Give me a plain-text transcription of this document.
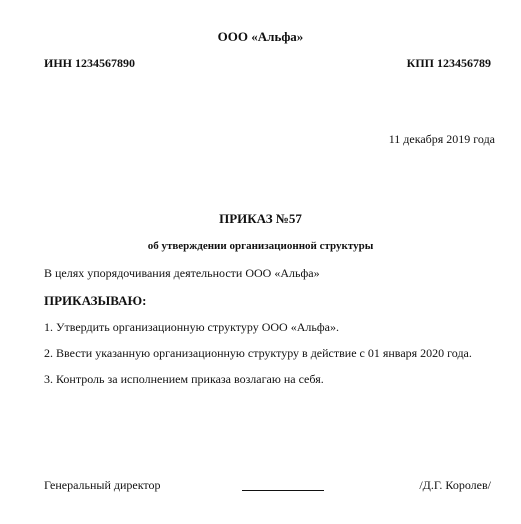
ООО «Альфа»
ИНН 1234567890	КПП 123456789
11 декабря 2019 года
ПРИКАЗ №57
об утверждении организационной структуры
В целях упорядочивания деятельности ООО «Альфа»
ПРИКАЗЫВАЮ:
1. Утвердить организационную структуру ООО «Альфа».
2. Ввести указанную организационную структуру в действие с 01 января 2020 года.
3. Контроль за исполнением приказа возлагаю на себя.
Генеральный директор	/Д.Г. Королев/
